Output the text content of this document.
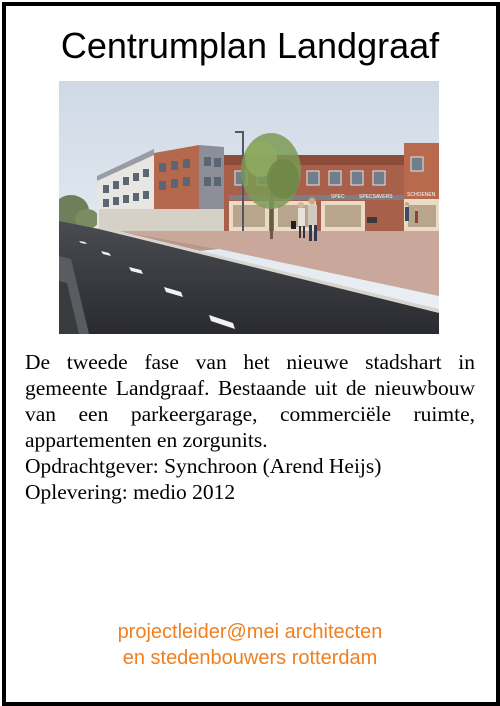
Centrumplan Landgraaf
SPEC	SPECSAVERS	SCHOENEN

De tweede fase van het nieuwe stadshart in gemeente Landgraaf. Bestaande uit de nieuwbouw van een parkeergarage, commerciële ruimte, appartementen en zorgunits.

Opdrachtgever: Synchroon (Arend Heijs)

Oplevering: medio 2012

projectleider@mei architecten
en stedenbouwers rotterdam
